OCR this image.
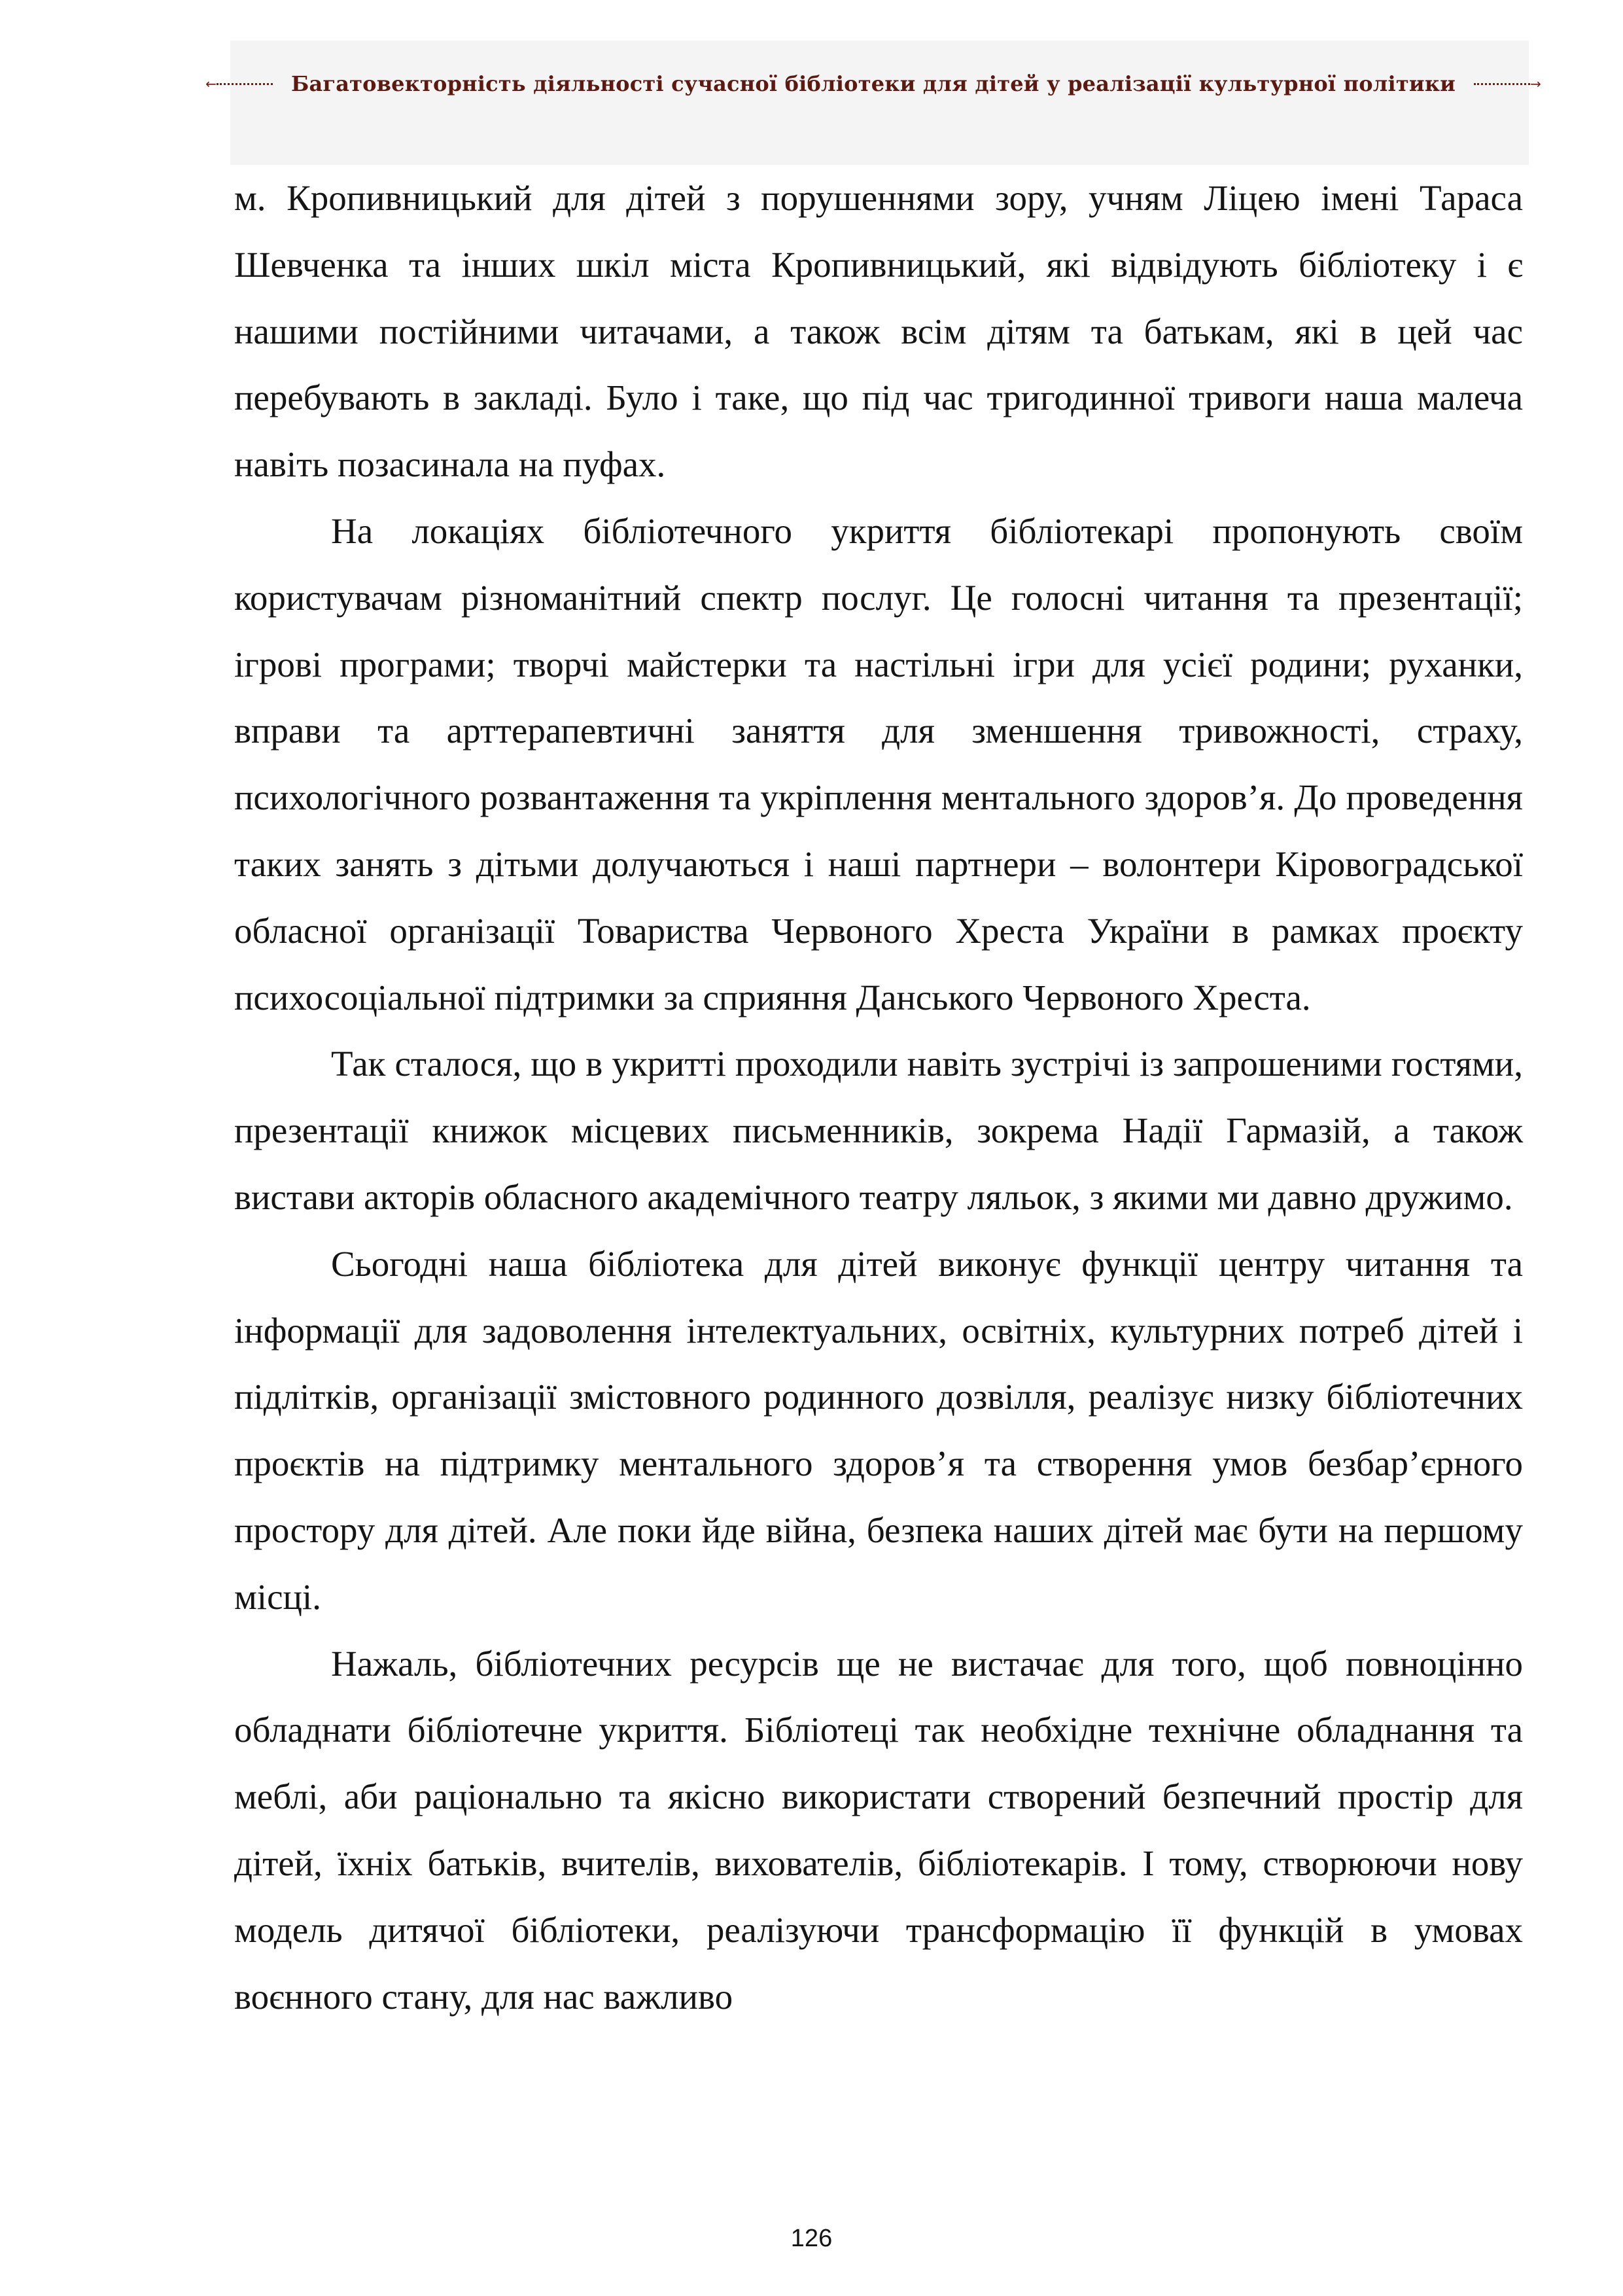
←	Багатовекторність діяльності сучасної бібліотеки для дітей у реалізації культурної політики	→

м. Кропивницький для дітей з порушеннями зору, учням Ліцею імені Тараса Шевченка та інших шкіл міста Кропивницький, які відвідують бібліотеку і є нашими постійними читачами, а також всім дітям та батькам, які в цей час перебувають в закладі. Було і таке, що під час тригодинної тривоги наша малеча навіть позасинала на пуфах.

На локаціях бібліотечного укриття бібліотекарі пропонують своїм користувачам різноманітний спектр послуг. Це голосні читання та презентації; ігрові програми; творчі майстерки та настільні ігри для усієї родини; руханки, вправи та арттерапевтичні заняття для зменшення тривожності, страху, психологічного розвантаження та укріплення ментального здоров’я. До проведення таких занять з дітьми долучаються і наші партнери – волонтери Кіровоградської обласної організації Товариства Червоного Хреста України в рамках проєкту психосоціальної підтримки за сприяння Данського Червоного Хреста.

Так сталося, що в укритті проходили навіть зустрічі із запрошеними гостями, презентації книжок місцевих письменників, зокрема Надії Гармазій, а також вистави акторів обласного академічного театру ляльок, з якими ми давно дружимо.

Сьогодні наша бібліотека для дітей виконує функції центру читання та інформації для задоволення інтелектуальних, освітніх, культурних потреб дітей і підлітків, організації змістовного родинного дозвілля, реалізує низку бібліотечних проєктів на підтримку ментального здоров’я та створення умов безбар’єрного простору для дітей. Але поки йде війна, безпека наших дітей має бути на першому місці.

Нажаль, бібліотечних ресурсів ще не вистачає для того, щоб повноцінно обладнати бібліотечне укриття. Бібліотеці так необхідне технічне обладнання та меблі, аби раціонально та якісно використати створений безпечний простір для дітей, їхніх батьків, вчителів, вихователів, бібліотекарів. І тому, створюючи нову модель дитячої бібліотеки, реалізуючи трансформацію її функцій в умовах воєнного стану, для нас важливо

126
